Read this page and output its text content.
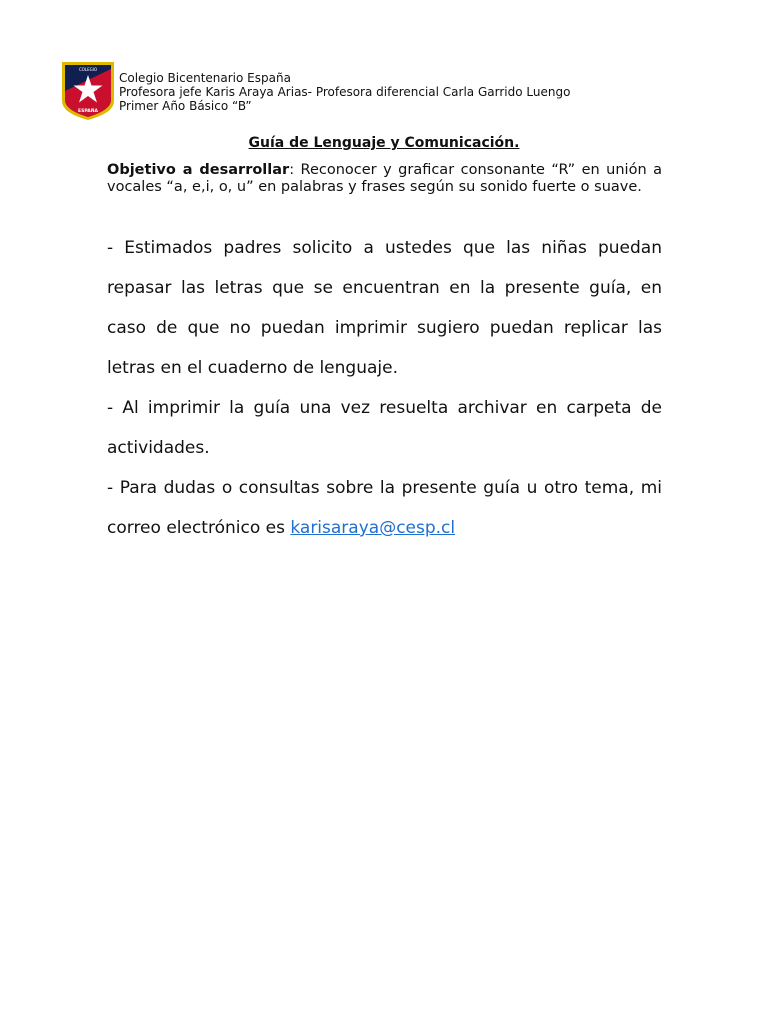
COLEGIO
ESPAÑA
Colegio Bicentenario España
Profesora jefe Karis Araya Arias- Profesora diferencial Carla Garrido Luengo
Primer Año Básico “B”
Guía de Lenguaje y Comunicación.
Objetivo a desarrollar: Reconocer y graficar consonante “R” en unión a vocales “a, e,i, o, u” en palabras y frases según su sonido fuerte o suave.

- Estimados padres solicito a ustedes que las niñas puedan repasar las letras que se encuentran en la presente guía, en caso de que no puedan imprimir sugiero puedan replicar las letras en el cuaderno de lenguaje.

- Al imprimir la guía una vez resuelta archivar en carpeta de actividades.

- Para dudas o consultas sobre la presente guía u otro tema, mi correo electrónico es karisaraya@cesp.cl
